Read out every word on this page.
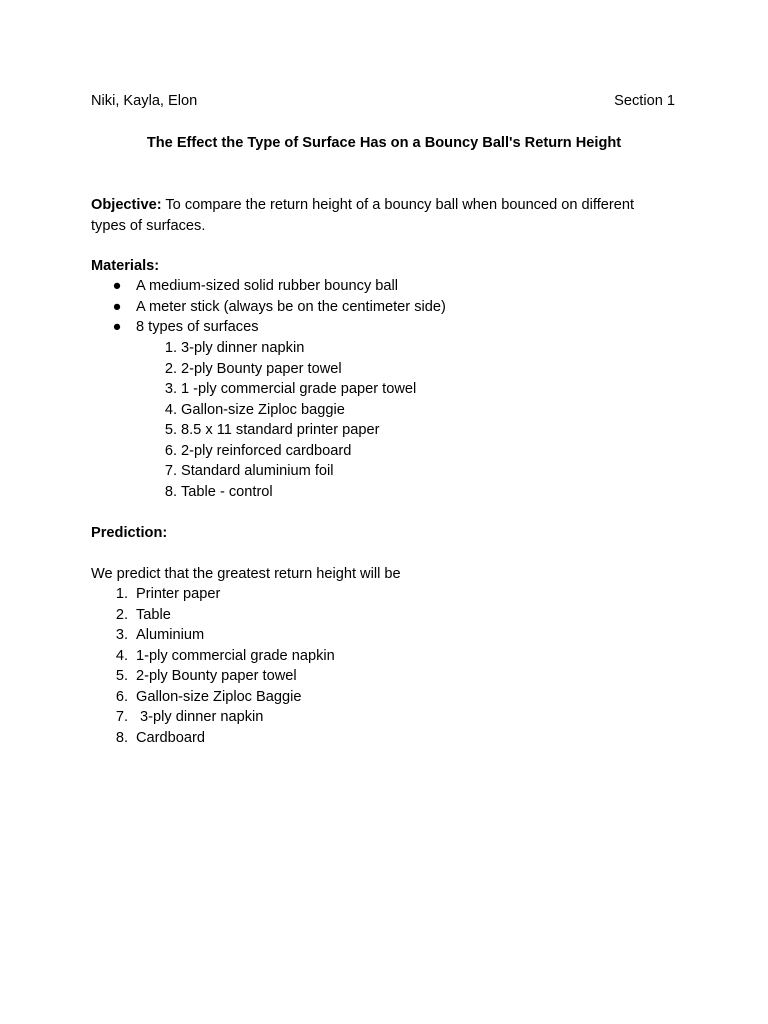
Niki, Kayla, Elon	Section 1
The Effect the Type of Surface Has on a Bouncy Ball's Return Height

Objective: To compare the return height of a bouncy ball when bounced on different types of surfaces.

Materials:
● A medium-sized solid rubber bouncy ball
● A meter stick (always be on the centimeter side)
● 8 types of surfaces
1. 3-ply dinner napkin
2. 2-ply Bounty paper towel
3. 1 -ply commercial grade paper towel
4. Gallon-size Ziploc baggie
5. 8.5 x 11 standard printer paper
6. 2-ply reinforced cardboard
7. Standard aluminium foil
8. Table - control
Prediction:
We predict that the greatest return height will be
1. Printer paper
2. Table
3. Aluminium
4. 1-ply commercial grade napkin
5. 2-ply Bounty paper towel
6. Gallon-size Ziploc Baggie
7. 3-ply dinner napkin
8. Cardboard
